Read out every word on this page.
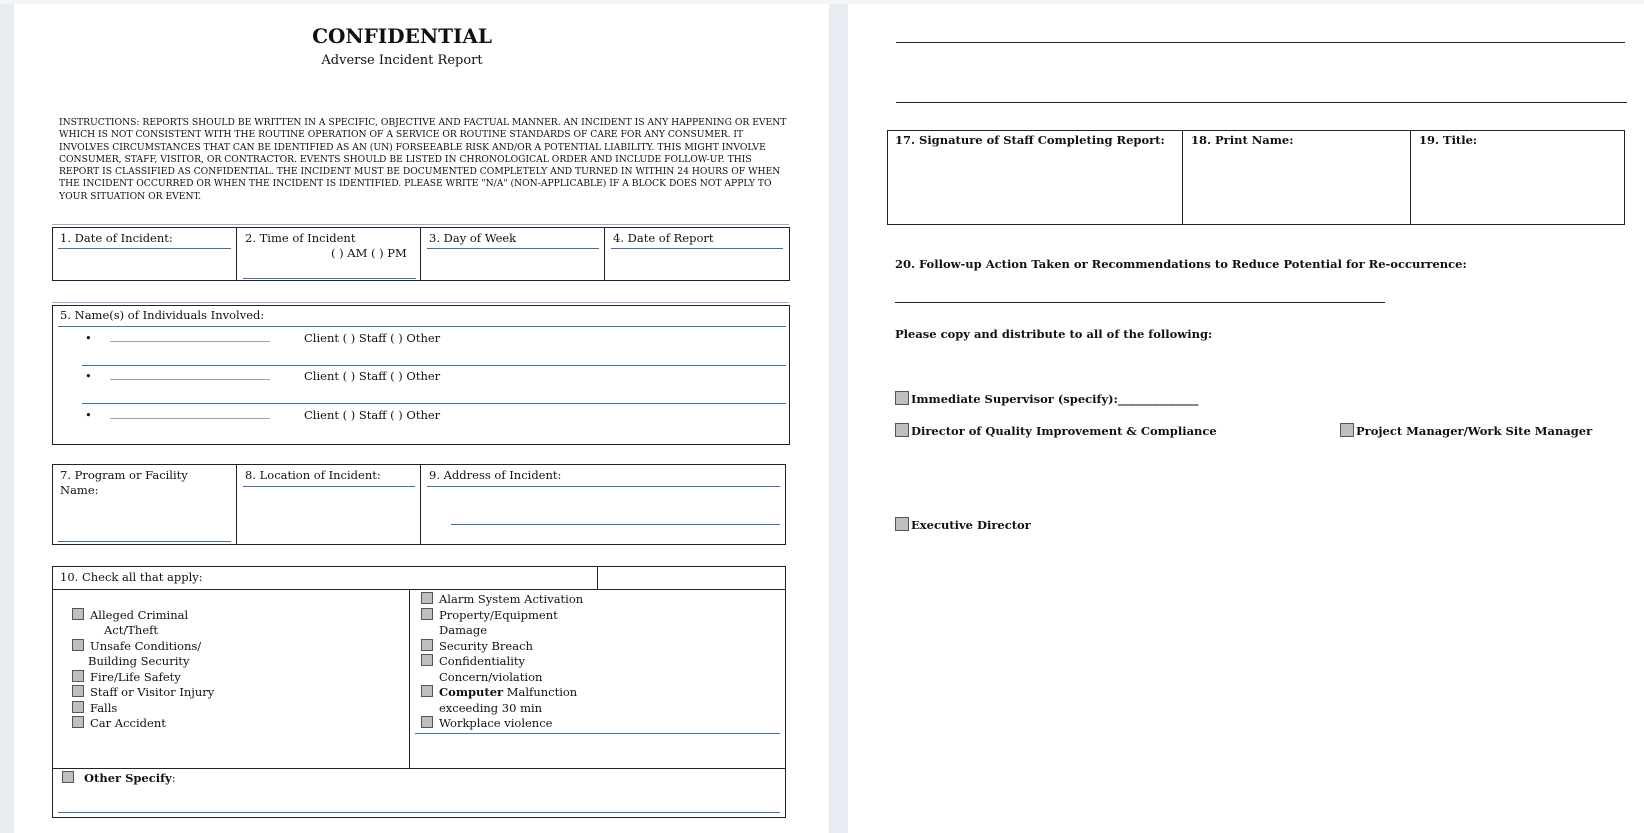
CONFIDENTIAL
Adverse Incident Report
INSTRUCTIONS: REPORTS SHOULD BE WRITTEN IN A SPECIFIC, OBJECTIVE AND FACTUAL MANNER. AN INCIDENT IS ANY HAPPENING OR EVENT
WHICH IS NOT CONSISTENT WITH THE ROUTINE OPERATION OF A SERVICE OR ROUTINE STANDARDS OF CARE FOR ANY CONSUMER. IT
INVOLVES CIRCUMSTANCES THAT CAN BE IDENTIFIED AS AN (UN) FORSEEABLE RISK AND/OR A POTENTIAL LIABILITY. THIS MIGHT INVOLVE
CONSUMER, STAFF, VISITOR, OR CONTRACTOR. EVENTS SHOULD BE LISTED IN CHRONOLOGICAL ORDER AND INCLUDE FOLLOW-UP. THIS
REPORT IS CLASSIFIED AS CONFIDENTIAL. THE INCIDENT MUST BE DOCUMENTED COMPLETELY AND TURNED IN WITHIN 24 HOURS OF WHEN
THE INCIDENT OCCURRED OR WHEN THE INCIDENT IS IDENTIFIED. PLEASE WRITE "N/A" (NON-APPLICABLE) IF A BLOCK DOES NOT APPLY TO
YOUR SITUATION OR EVENT.
1. Date of Incident:	2. Time of Incident
( ) AM ( ) PM
3. Day of Week	4. Date of Report
5. Name(s) of Individuals Involved:
• ________________________________	Client ( ) Staff ( ) Other
• ________________________________	Client ( ) Staff ( ) Other
• ________________________________	Client ( ) Staff ( ) Other
7. Program or Facility
Name:
8. Location of Incident:	9. Address of Incident:
10. Check all that apply:
Alleged Criminal
Act/Theft
Unsafe Conditions/
Building Security
Fire/Life Safety
Staff or Visitor Injury
Falls
Car Accident
Alarm System Activation
Property/Equipment
Damage
Security Breach
Confidentiality
Concern/violation
Computer Malfunction
exceeding 30 min
Workplace violence
Other Specify:
17. Signature of Staff Completing Report: 18. Print Name:	19. Title:
20. Follow-up Action Taken or Recommendations to Reduce Potential for Re-occurrence:
Please copy and distribute to all of the following:
Immediate Supervisor (specify):______________
Director of Quality Improvement & Compliance	Project Manager/Work Site Manager
Executive Director
